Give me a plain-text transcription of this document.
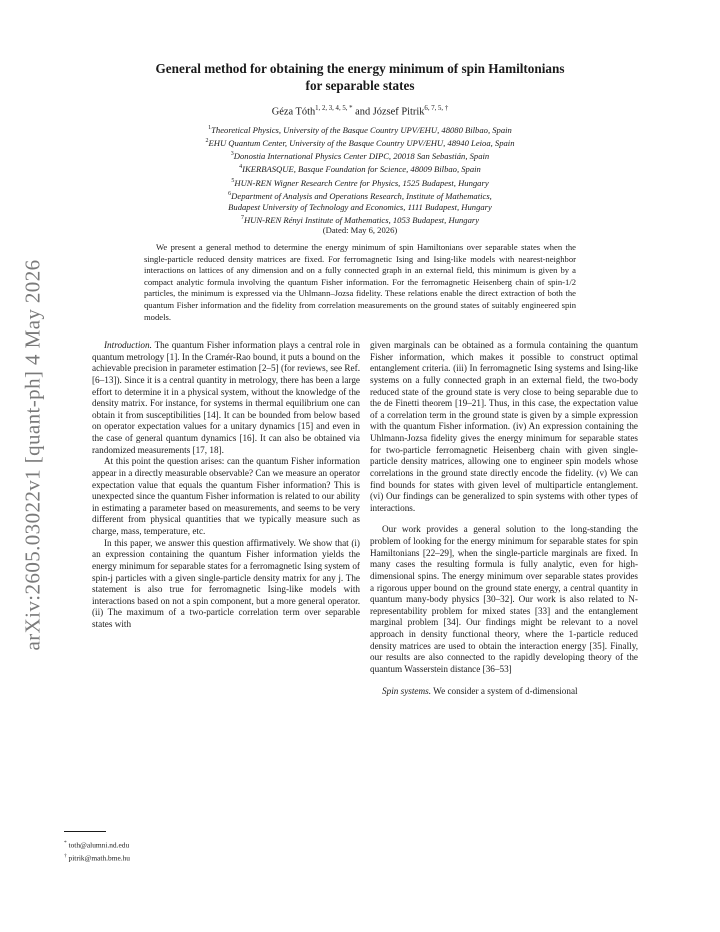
arXiv:2605.03022v1 [quant-ph] 4 May 2026
General method for obtaining the energy minimum of spin Hamiltonians
for separable states
Géza Tóth$^{1, 2, 3, 4, 5, *}$ and József Pitrik$^{6, 7, 5, \dagger}$
$^1$Theoretical Physics, University of the Basque Country UPV/EHU, 48080 Bilbao, Spain
$^2$EHU Quantum Center, University of the Basque Country UPV/EHU, 48940 Leioa, Spain
$^3$Donostia International Physics Center DIPC, 20018 San Sebastián, Spain
$^4$IKERBASQUE, Basque Foundation for Science, 48009 Bilbao, Spain
$^5$HUN-REN Wigner Research Centre for Physics, 1525 Budapest, Hungary
$^6$Department of Analysis and Operations Research, Institute of Mathematics,
Budapest University of Technology and Economics, 1111 Budapest, Hungary
$^7$HUN-REN Rényi Institute of Mathematics, 1053 Budapest, Hungary
(Dated: May 6, 2026)
We present a general method to determine the energy minimum of spin Hamiltonians over separable states when the single-particle reduced density matrices are fixed. For ferromagnetic Ising and Ising-like models with nearest-neighbor interactions on lattices of any dimension and on a fully connected graph in an external field, this minimum is given by a compact analytic formula involving the quantum Fisher information. For the ferromagnetic Heisenberg chain of spin-1/2 particles, the minimum is expressed via the Uhlmann–Jozsa fidelity. These relations enable the direct extraction of both the quantum Fisher information and the fidelity from correlation measurements on the ground states of suitably engineered spin models.

Introduction. The quantum Fisher information plays a central role in quantum metrology [1]. In the Cramér-Rao bound, it puts a bound on the achievable precision in parameter estimation [2–5] (for reviews, see Ref. [6–13]). Since it is a central quantity in metrology, there has been a large effort to determine it in a physical system, without the knowledge of the density matrix. For instance, for systems in thermal equilibrium one can obtain it from susceptibilities [14]. It can be bounded from below based on operator expectation values for a unitary dynamics [15] and even in the case of general quantum dynamics [16]. It can also be obtained via randomized measurements [17, 18].

At this point the question arises: can the quantum Fisher information appear in a directly measurable observable? Can we measure an operator expectation value that equals the quantum Fisher information? This is unexpected since the quantum Fisher information is related to our ability in estimating a parameter based on measurements, and seems to be very different from physical quantities that we typically measure such as charge, mass, temperature, etc.

In this paper, we answer this question affirmatively. We show that (i) an expression containing the quantum Fisher information yields the energy minimum for separable states for a ferromagnetic Ising system of spin-j particles with a given single-particle density matrix for any j. The statement is also true for ferromagnetic Ising-like models with interactions based on not a spin component, but a more general operator. (ii) The maximum of a two-particle correlation term over separable states with

given marginals can be obtained as a formula containing the quantum Fisher information, which makes it possible to construct optimal entanglement criteria. (iii) In ferromagnetic Ising systems and Ising-like systems on a fully connected graph in an external field, the two-body reduced state of the ground state is very close to being separable due to the de Finetti theorem [19–21]. Thus, in this case, the expectation value of a correlation term in the ground state is given by a simple expression with the quantum Fisher information. (iv) An expression containing the Uhlmann-Jozsa fidelity gives the energy minimum for separable states for two-particle ferromagnetic Heisenberg chain with given single-particle density matrices, allowing one to engineer spin models whose correlations in the ground state directly encode the fidelity. (v) We can find bounds for states with given level of multiparticle entanglement. (vi) Our findings can be generalized to spin systems with other types of interactions.

Our work provides a general solution to the long-standing the problem of looking for the energy minimum for separable states for spin Hamiltonians [22–29], when the single-particle marginals are fixed. In many cases the resulting formula is fully analytic, even for high-dimensional spins. The energy minimum over separable states provides a rigorous upper bound on the ground state energy, a central quantity in quantum many-body physics [30–32]. Our work is also related to N-representability problem for mixed states [33] and the entanglement marginal problem [34]. Our findings might be relevant to a novel approach in density functional theory, where the 1-particle reduced density matrices are used to obtain the interaction energy [35]. Finally, our results are also connected to the rapidly developing theory of the quantum Wasserstein distance [36–53]

Spin systems. We consider a system of d-dimensional

* toth@alumni.nd.edu
† pitrik@math.bme.hu
